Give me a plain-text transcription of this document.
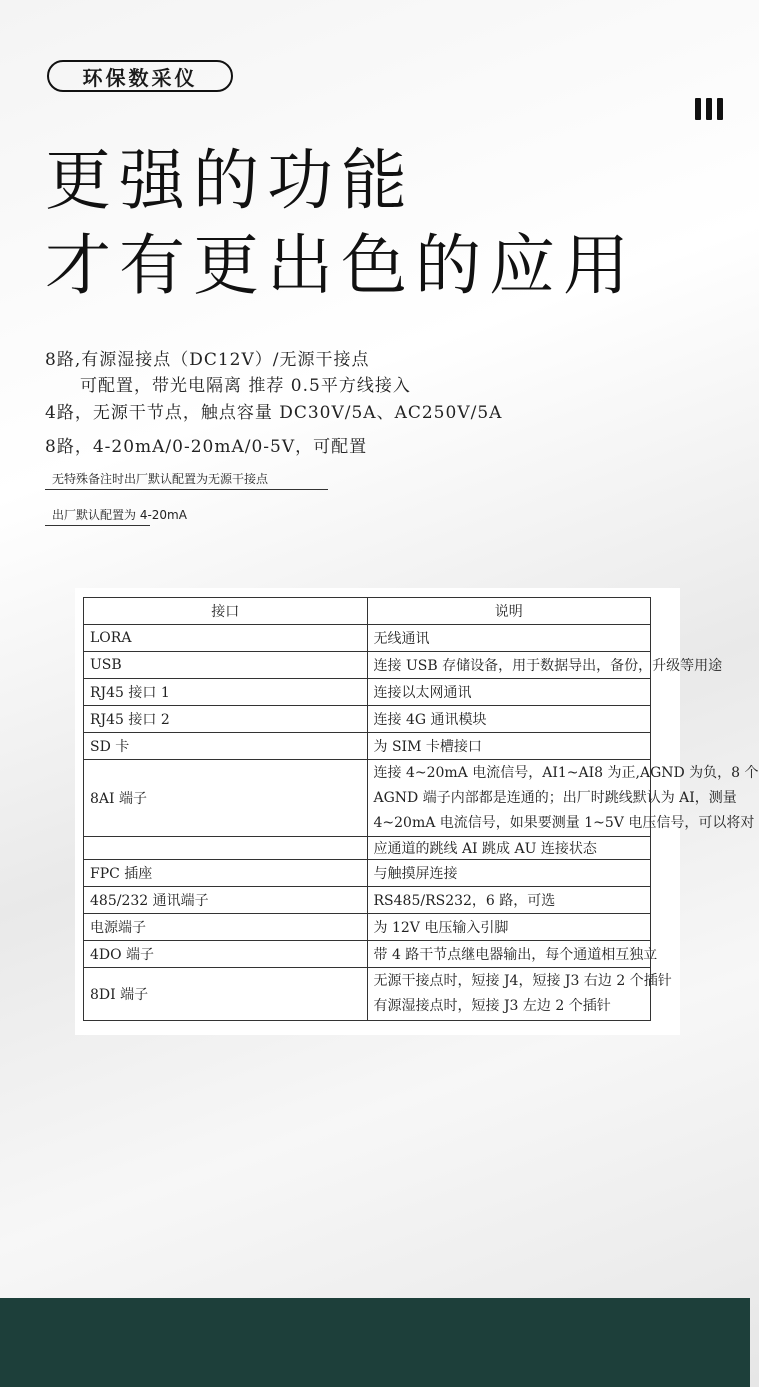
环保数采仪
更强的功能
才有更出色的应用
8路,有源湿接点（DC12V）/无源干接点
可配置，带光电隔离 推荐 0.5平方线接入
4路，无源干节点，触点容量 DC30V/5A、AC250V/5A
8路，4-20mA/0-20mA/0-5V，可配置
无特殊备注时出厂默认配置为无源干接点
出厂默认配置为 4-20mA
接口	说明
LORA	无线通讯
USB	连接 USB 存储设备，用于数据导出，备份，升级等用途
RJ45 接口 1	连接以太网通讯
RJ45 接口 2	连接 4G 通讯模块
SD 卡	为 SIM 卡槽接口
8AI 端子	连接 4~20mA 电流信号，AI1~AI8 为正,AGND 为负，8 个
AGND 端子内部都是连通的；出厂时跳线默认为 AI，测量
4~20mA 电流信号，如果要测量 1~5V 电压信号，可以将对

	应通道的跳线 AI 跳成 AU 连接状态
FPC 插座	与触摸屏连接
485/232 通讯端子	RS485/RS232，6 路，可选
电源端子	为 12V 电压输入引脚
4DO 端子	带 4 路干节点继电器输出，每个通道相互独立
8DI 端子	无源干接点时，短接 J4，短接 J3 右边 2 个插针
有源湿接点时，短接 J3 左边 2 个插针
